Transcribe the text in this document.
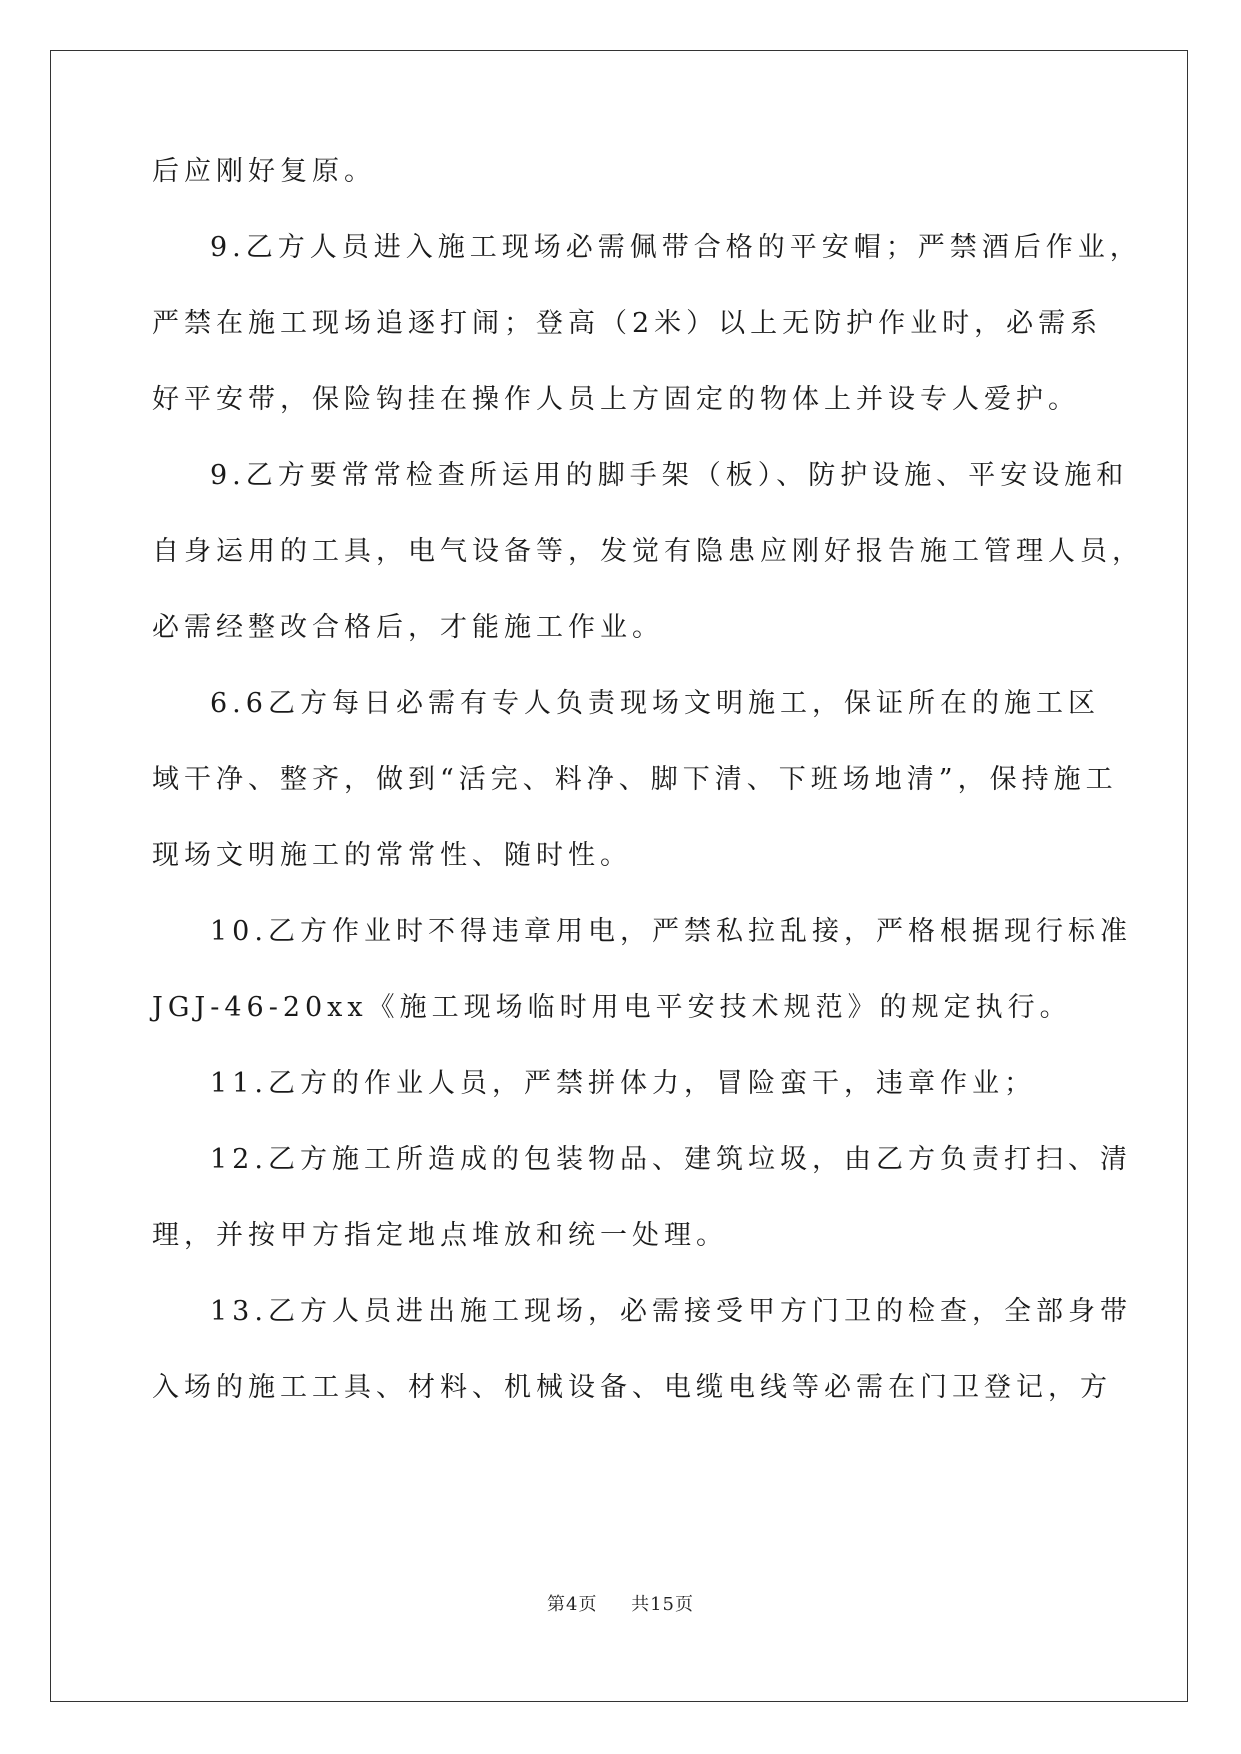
后应刚好复原。
9.乙方人员进入施工现场必需佩带合格的平安帽；严禁酒后作业，
严禁在施工现场追逐打闹；登高（2米）以上无防护作业时，必需系
好平安带，保险钩挂在操作人员上方固定的物体上并设专人爱护。
9.乙方要常常检查所运用的脚手架（板）、防护设施、平安设施和
自身运用的工具，电气设备等，发觉有隐患应刚好报告施工管理人员，
必需经整改合格后，才能施工作业。
6.6乙方每日必需有专人负责现场文明施工，保证所在的施工区
域干净、整齐，做到“活完、料净、脚下清、下班场地清”，保持施工
现场文明施工的常常性、随时性。
10.乙方作业时不得违章用电，严禁私拉乱接，严格根据现行标准
JGJ-46-20xx《施工现场临时用电平安技术规范》的规定执行。
11.乙方的作业人员，严禁拼体力，冒险蛮干，违章作业；
12.乙方施工所造成的包装物品、建筑垃圾，由乙方负责打扫、清
理，并按甲方指定地点堆放和统一处理。
13.乙方人员进出施工现场，必需接受甲方门卫的检查，全部身带
入场的施工工具、材料、机械设备、电缆电线等必需在门卫登记，方
第4页 共15页
